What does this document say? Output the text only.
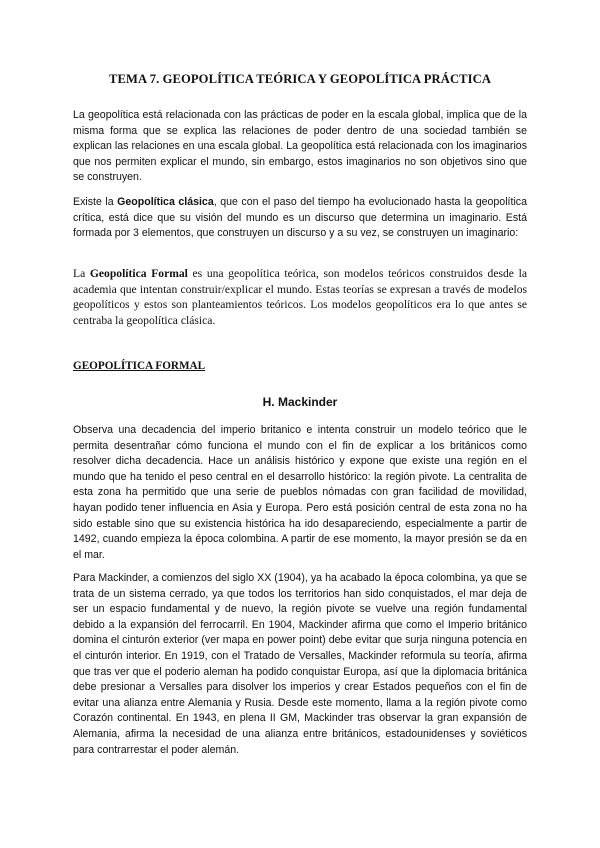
TEMA 7. GEOPOLÍTICA TEÓRICA Y GEOPOLÍTICA PRÁCTICA

La geopolítica está relacionada con las prácticas de poder en la escala global, implica que de la misma forma que se explica las relaciones de poder dentro de una sociedad también se explican las relaciones en una escala global. La geopolítica está relacionada con los imaginarios que nos permiten explicar el mundo, sin embargo, estos imaginarios no son objetivos sino que se construyen.

Existe la Geopolítica clásica, que con el paso del tiempo ha evolucionado hasta la geopolítica crítica, está dice que su visión del mundo es un discurso que determina un imaginario. Está formada por 3 elementos, que construyen un discurso y a su vez, se construyen un imaginario:

La Geopolítica Formal es una geopolítica teórica, son modelos teóricos construidos desde la academia que intentan construir/explicar el mundo. Estas teorías se expresan a través de modelos geopolíticos y estos son planteamientos teóricos. Los modelos geopolíticos era lo que antes se centraba la geopolítica clásica.

GEOPOLÍTICA FORMAL
H. Mackinder

Observa una decadencia del imperio britanico e intenta construir un modelo teórico que le permita desentrañar cómo funciona el mundo con el fin de explicar a los británicos como resolver dicha decadencia. Hace un análisis histórico y expone que existe una región en el mundo que ha tenido el peso central en el desarrollo histórico: la región pivote. La centralita de esta zona ha permitido que una serie de pueblos nómadas con gran facilidad de movilidad, hayan podido tener influencia en Asia y Europa. Pero está posición central de esta zona no ha sido estable sino que su existencia histórica ha ido desapareciendo, especialmente a partir de 1492, cuando empieza la época colombina. A partir de ese momento, la mayor presión se da en el mar.

Para Mackinder, a comienzos del siglo XX (1904), ya ha acabado la época colombina, ya que se trata de un sistema cerrado, ya que todos los territorios han sido conquistados, el mar deja de ser un espacio fundamental y de nuevo, la región pivote se vuelve una región fundamental debido a la expansión del ferrocarril. En 1904, Mackinder afirma que como el Imperio británico domina el cinturón exterior (ver mapa en power point) debe evitar que surja ninguna potencia en el cinturón interior. En 1919, con el Tratado de Versalles, Mackinder reformula su teoría, afirma que tras ver que el poderio aleman ha podido conquistar Europa, así que la diplomacia británica debe presionar a Versalles para disolver los imperios y crear Estados pequeños con el fin de evitar una alianza entre Alemania y Rusia. Desde este momento, llama a la región pivote como Corazón continental. En 1943, en plena II GM, Mackinder tras observar la gran expansión de Alemania, afirma la necesidad de una alianza entre británicos, estadounidenses y soviéticos para contrarrestar el poder alemán.
